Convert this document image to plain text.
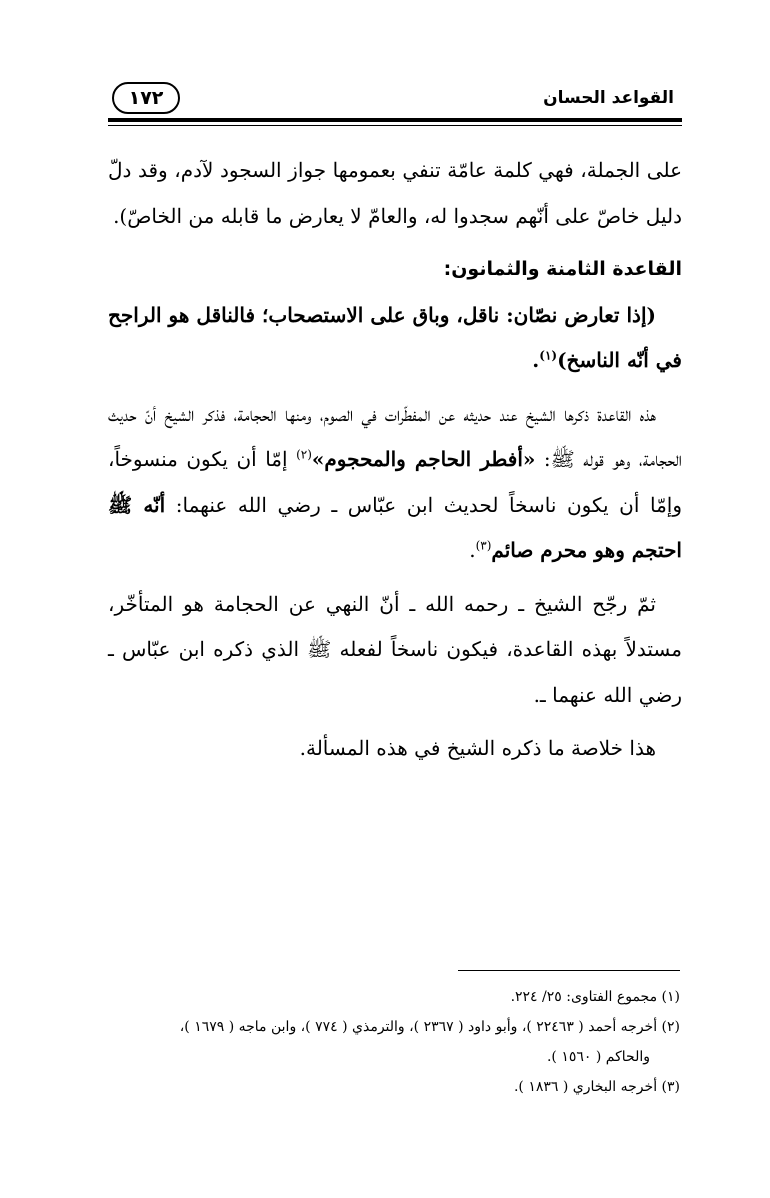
١٧٢	القواعد الحسان

على الجملة، فهي كلمة عامّة تنفي بعمومها جواز السجود لآدم، وقد دلّ دليل خاصّ على أنّهم سجدوا له، والعامّ لا يعارض ما قابله من الخاصّ).

القاعدة الثامنة والثمانون:

(إذا تعارض نصّان: ناقل، وباق على الاستصحاب؛ فالناقل هو الراجح في أنّه الناسخ)$^{(١)}$.

هذه القاعدة ذكرها الشيخ عند حديثه عن المفطّرات في الصوم، ومنها الحجامة، فذكر الشيخ أنّ حديث الحجامة، وهو قوله ﷺ: «أفطر الحاجم والمحجوم»$^{(٢)}$ إمّا أن يكون منسوخاً، وإمّا أن يكون ناسخاً لحديث ابن عبّاس ـ رضي الله عنهما: أنّه ﷺ احتجم وهو محرم صائم$^{(٣)}$.

ثمّ رجّح الشيخ ـ رحمه الله ـ أنّ النهي عن الحجامة هو المتأخّر، مستدلاً بهذه القاعدة، فيكون ناسخاً لفعله ﷺ الذي ذكره ابن عبّاس ـ رضي الله عنهما ـ.

هذا خلاصة ما ذكره الشيخ في هذه المسألة.

(١) مجموع الفتاوى: ٢٥/ ٢٢٤.

(٢) أخرجه أحمد ( ٢٢٤٦٣ )، وأبو داود ( ٢٣٦٧ )، والترمذي ( ٧٧٤ )، وابن ماجه ( ١٦٧٩ )،

والحاكم ( ١٥٦٠ ).

(٣) أخرجه البخاري ( ١٨٣٦ ).
